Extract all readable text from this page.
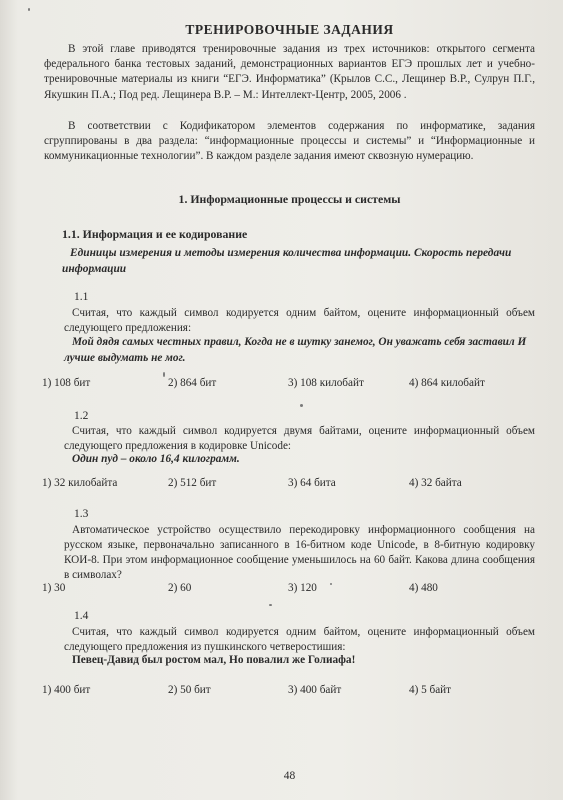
ТРЕНИРОВОЧНЫЕ ЗАДАНИЯ
В этой главе приводятся тренировочные задания из трех источников: открытого сегмента федерального банка тестовых заданий, демонстрационных вариантов ЕГЭ прошлых лет и учебно-тренировочные материалы из книги “ЕГЭ. Информатика” (Крылов С.С., Лещинер В.Р., Сулрун П.Г., Якушкин П.А.; Под ред. Лещинера В.Р. – М.: Интеллект-Центр, 2005, 2006 .
В соответствии с Кодификатором элементов содержания по информатике, задания сгруппированы в два раздела: “информационные процессы и системы” и “Информационные и коммуникационные технологии”. В каждом разделе задания имеют сквозную нумерацию.
1. Информационные процессы и системы
1.1. Информация и ее кодирование
Единицы измерения и методы измерения количества информации. Скорость передачи информации
1.1
Считая, что каждый символ кодируется одним байтом, оцените информационный объем следующего предложения:
Мой дядя самых честных правил, Когда не в шутку занемог, Он уважать себя заставил И лучше выдумать не мог.
1) 108 бит	2) 864 бит	3) 108 килобайт	4) 864 килобайт
1.2
Считая, что каждый символ кодируется двумя байтами, оцените информационный объем следующего предложения в кодировке Unicode:
Один пуд – около 16,4 килограмм.
1) 32 килобайта	2) 512 бит	3) 64 бита	4) 32 байта
1.3
Автоматическое устройство осуществило перекодировку информационного сообщения на русском языке, первоначально записанного в 16-битном коде Unicode, в 8-битную кодировку КОИ-8. При этом информационное сообщение уменьшилось на 60 байт. Какова длина сообщения в символах?
1) 30	2) 60	3) 120	4) 480
1.4
Считая, что каждый символ кодируется одним байтом, оцените информационный объем следующего предложения из пушкинского четверостишия:
Певец-Давид был ростом мал, Но повалил же Голиафа!
1) 400 бит	2) 50 бит	3) 400 байт	4) 5 байт
48
